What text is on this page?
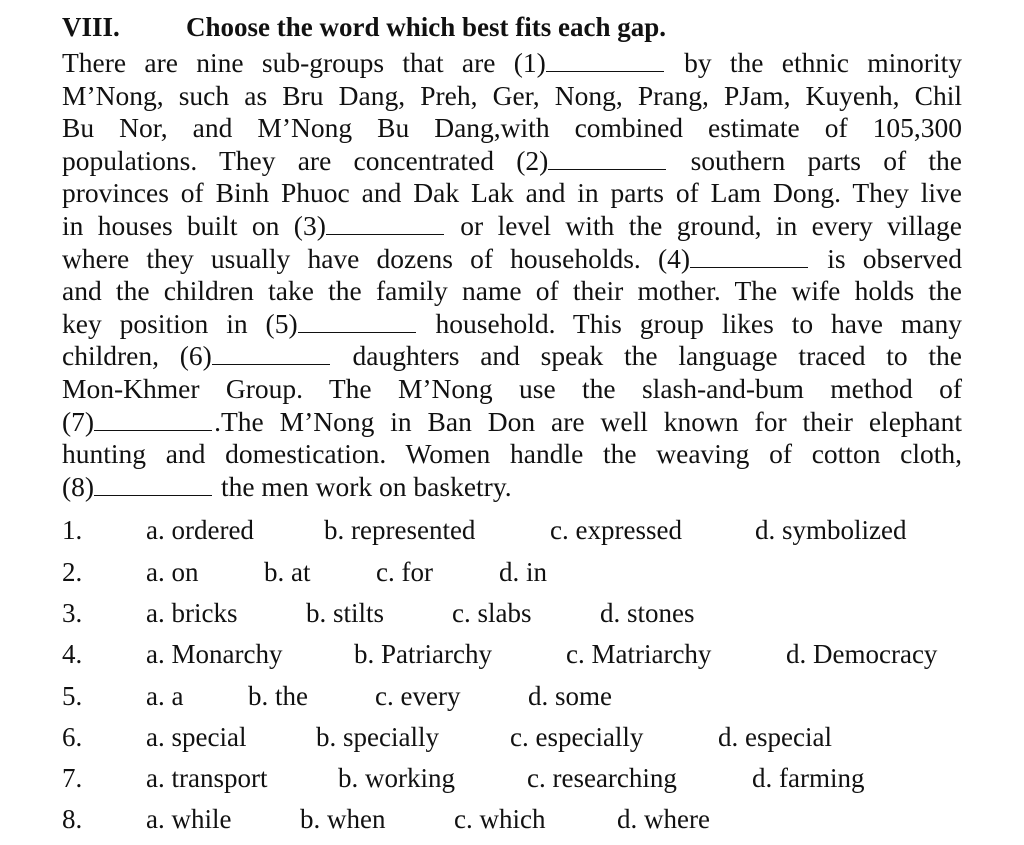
VIII. Choose the word which best fits each gap.
There are nine sub-groups that are (1)	by the ethnic minority
M’Nong, such as Bru Dang, Preh, Ger, Nong, Prang, PJam, Kuyenh, Chil
Bu Nor, and M’Nong Bu Dang,with combined estimate of 105,300
populations. They are concentrated (2)	southern parts of the
provinces of Binh Phuoc and Dak Lak and in parts of Lam Dong. They live
in houses built on (3)	or level with the ground, in every village
where they usually have dozens of households. (4)	is observed
and the children take the family name of their mother. The wife holds the
key position in (5)	household. This group likes to have many
children, (6)	daughters and speak the language traced to the
Mon-Khmer Group. The M’Nong use the slash-and-bum method of
(7)	.The M’Nong in Ban Don are well known for their elephant
hunting and domestication. Women handle the weaving of cotton cloth,
(8)	the men work on basketry.
1. a. ordered	b. represented	c. expressed	d. symbolized
2. a. on b. at c. for d. in
3. a. bricks	b. stilts	c. slabs	d. stones
4. a. Monarchy	b. Patriarchy	c. Matriarchy	d. Democracy
5. a. a b. the c. every	d. some
6. a. special	b. specially	c. especially	d. especial
7. a. transport	b. working	c. researching	d. farming
8. a. while	b. when	c. which	d. where
